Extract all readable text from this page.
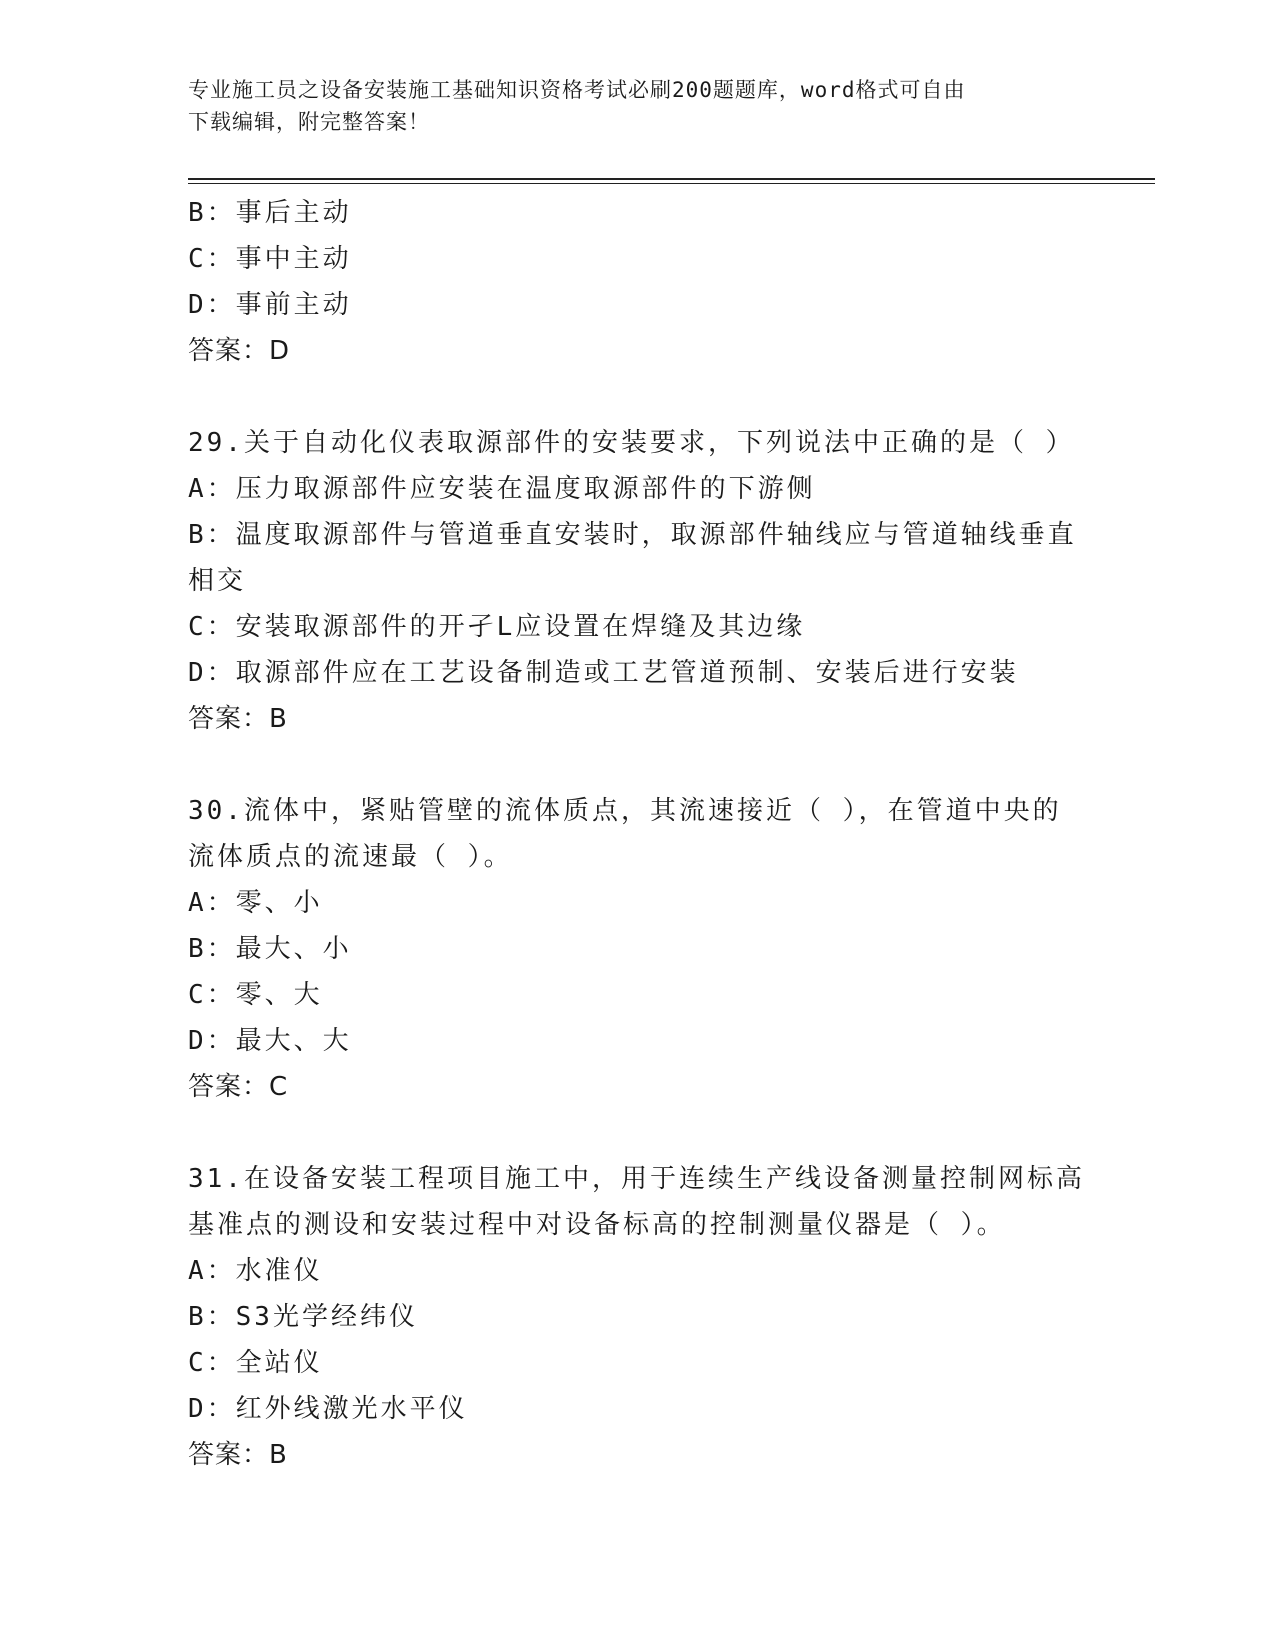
专业施工员之设备安装施工基础知识资格考试必刷200题题库，word格式可自由
下载编辑，附完整答案！
B：事后主动
C：事中主动
D：事前主动
答案：D
29.关于自动化仪表取源部件的安装要求，下列说法中正确的是（ ）
A：压力取源部件应安装在温度取源部件的下游侧
B：温度取源部件与管道垂直安装时，取源部件轴线应与管道轴线垂直
相交
C：安装取源部件的开孑L应设置在焊缝及其边缘
D：取源部件应在工艺设备制造或工艺管道预制、安装后进行安装
答案：B
30.流体中，紧贴管壁的流体质点，其流速接近（ ），在管道中央的
流体质点的流速最（ ）。
A：零、小
B：最大、小
C：零、大
D：最大、大
答案：C
31.在设备安装工程项目施工中，用于连续生产线设备测量控制网标高
基准点的测设和安装过程中对设备标高的控制测量仪器是（ ）。
A：水准仪
B：S3光学经纬仪
C：全站仪
D：红外线激光水平仪
答案：B
